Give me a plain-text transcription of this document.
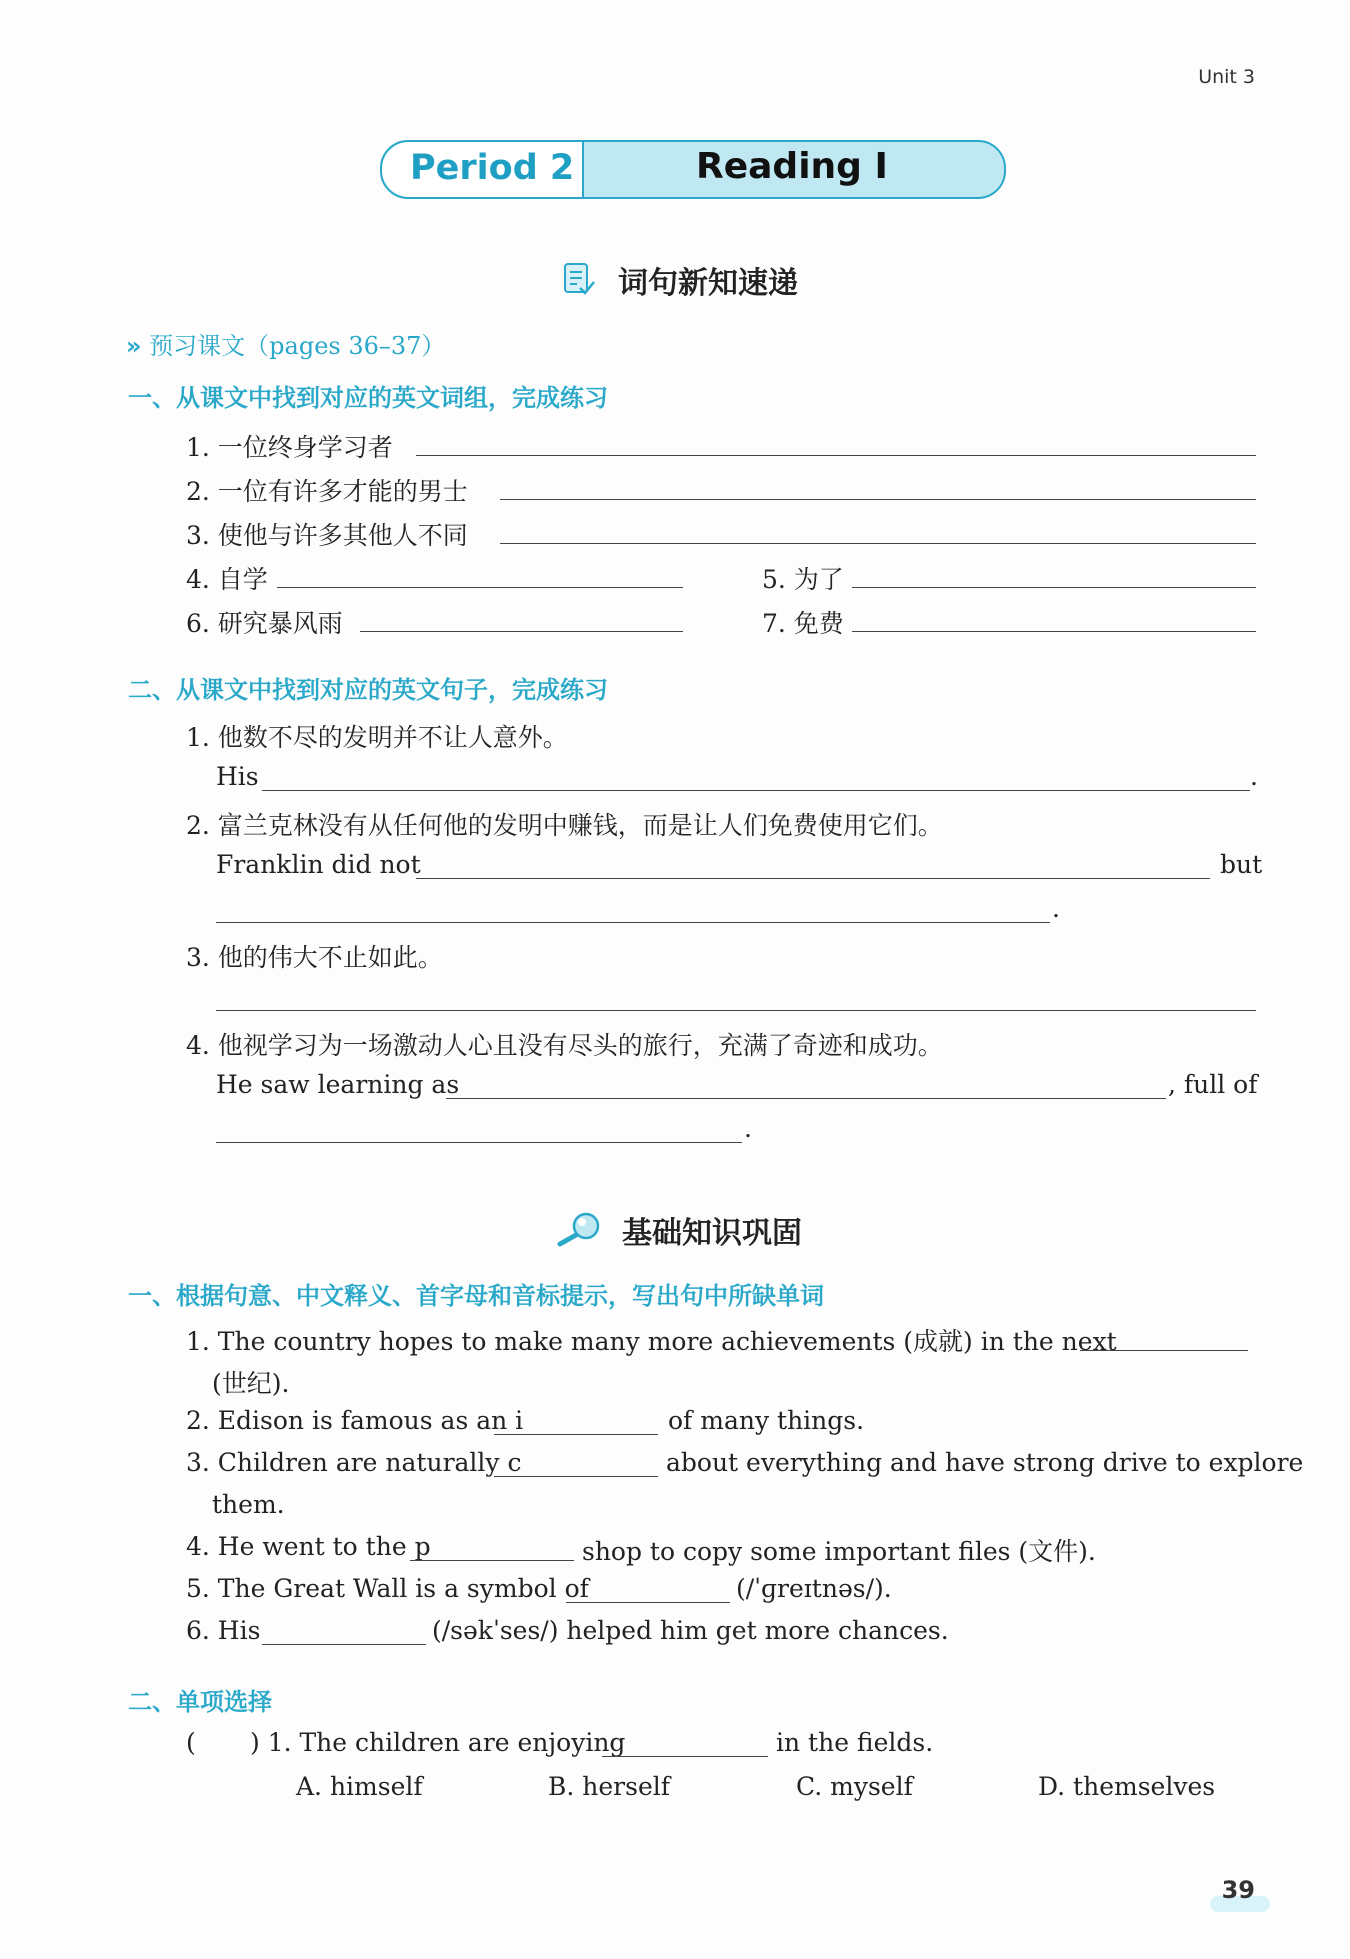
Unit 3
Period 2	Reading I
词句新知速递
» 预习课文（pages 36–37）
一、从课文中找到对应的英文词组，完成练习
1. 一位终身学习者
2. 一位有许多才能的男士
3. 使他与许多其他人不同
4. 自学	5. 为了
6. 研究暴风雨	7. 免费
二、从课文中找到对应的英文句子，完成练习
1. 他数不尽的发明并不让人意外。
His	.
2. 富兰克林没有从任何他的发明中赚钱，而是让人们免费使用它们。
Franklin did not	but
.
3. 他的伟大不止如此。
4. 他视学习为一场激动人心且没有尽头的旅行，充满了奇迹和成功。
He saw learning as	, full of
.
基础知识巩固
一、根据句意、中文释义、首字母和音标提示，写出句中所缺单词
1. The country hopes to make many more achievements (成就) in the next
(世纪).
2. Edison is famous as an i	of many things.
3. Children are naturally c	about everything and have strong drive to explore
them.
4. He went to the p	shop to copy some important files (文件).
5. The Great Wall is a symbol of	(/ˈɡreɪtnəs/).
6. His	(/səkˈses/) helped him get more chances.
二、单项选择
( ) 1. The children are enjoying	in the fields.
A. himself	B. herself	C. myself	D. themselves
39
